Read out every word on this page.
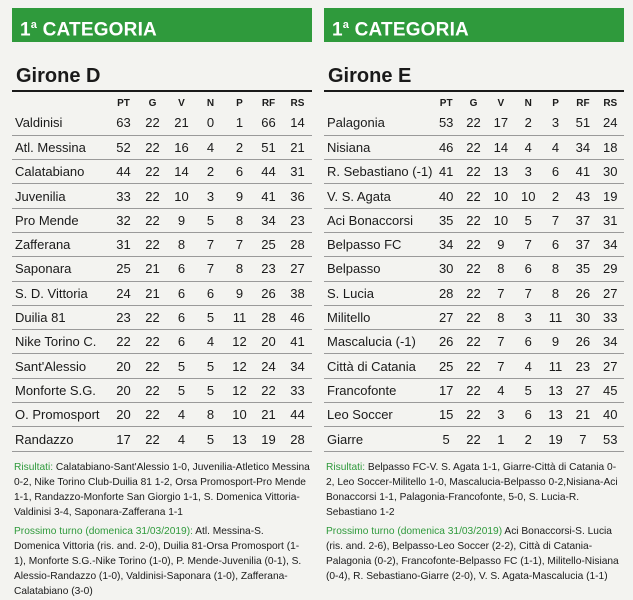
1$^a$ CATEGORIA
Girone D
	PT	G	V	N	P	RF	RS
Valdinisi	63	22	21	0	1	66	14
Atl. Messina	52	22	16	4	2	51	21
Calatabiano	44	22	14	2	6	44	31
Juvenilia	33	22	10	3	9	41	36
Pro Mende	32	22	9	5	8	34	23
Zafferana	31	22	8	7	7	25	28
Saponara	25	21	6	7	8	23	27
S. D. Vittoria	24	21	6	6	9	26	38
Duilia 81	23	22	6	5	11	28	46
Nike Torino C.	22	22	6	4	12	20	41
Sant'Alessio	20	22	5	5	12	24	34
Monforte S.G.	20	22	5	5	12	22	33
O. Promosport	20	22	4	8	10	21	44
Randazzo	17	22	4	5	13	19	28

Risultati: Calatabiano-Sant'Alessio 1-0, Juvenilia-Atletico Messina 0-2, Nike Torino Club-Duilia 81 1-2, Orsa Promosport-Pro Mende 1-1, Randazzo-Monforte San Giorgio 1-1, S. Domenica Vittoria-Valdinisi 3-4, Saponara-Zafferana 1-1

Prossimo turno (domenica 31/03/2019): Atl. Messina-S. Domenica Vittoria (ris. and. 2-0), Duilia 81-Orsa Promosport (1-1), Monforte S.G.-Nike Torino (1-0), P. Mende-Juvenilia (0-1), S. Alessio-Randazzo (1-0), Valdinisi-Saponara (1-0), Zafferana-Calatabiano (3-0)

1$^a$ CATEGORIA
Girone E
	PT	G	V	N	P	RF	RS
Palagonia	53	22	17	2	3	51	24
Nisiana	46	22	14	4	4	34	18
R. Sebastiano (-1)	41	22	13	3	6	41	30
V. S. Agata	40	22	10	10	2	43	19
Aci Bonaccorsi	35	22	10	5	7	37	31
Belpasso FC	34	22	9	7	6	37	34
Belpasso	30	22	8	6	8	35	29
S. Lucia	28	22	7	7	8	26	27
Militello	27	22	8	3	11	30	33
Mascalucia (-1)	26	22	7	6	9	26	34
Città di Catania	25	22	7	4	11	23	27
Francofonte	17	22	4	5	13	27	45
Leo Soccer	15	22	3	6	13	21	40
Giarre	5	22	1	2	19	7	53

Risultati: Belpasso FC-V. S. Agata 1-1, Giarre-Città di Catania 0-2, Leo Soccer-Militello 1-0, Mascalucia-Belpasso 0-2,Nisiana-Aci Bonaccorsi 1-1, Palagonia-Francofonte, 5-0, S. Lucia-R. Sebastiano 1-2

Prossimo turno (domenica 31/03/2019) Aci Bonaccorsi-S. Lucia (ris. and. 2-6), Belpasso-Leo Soccer (2-2), Città di Catania-Palagonia (0-2), Francofonte-Belpasso FC (1-1), Militello-Nisiana (0-4), R. Sebastiano-Giarre (2-0), V. S. Agata-Mascalucia (1-1)
